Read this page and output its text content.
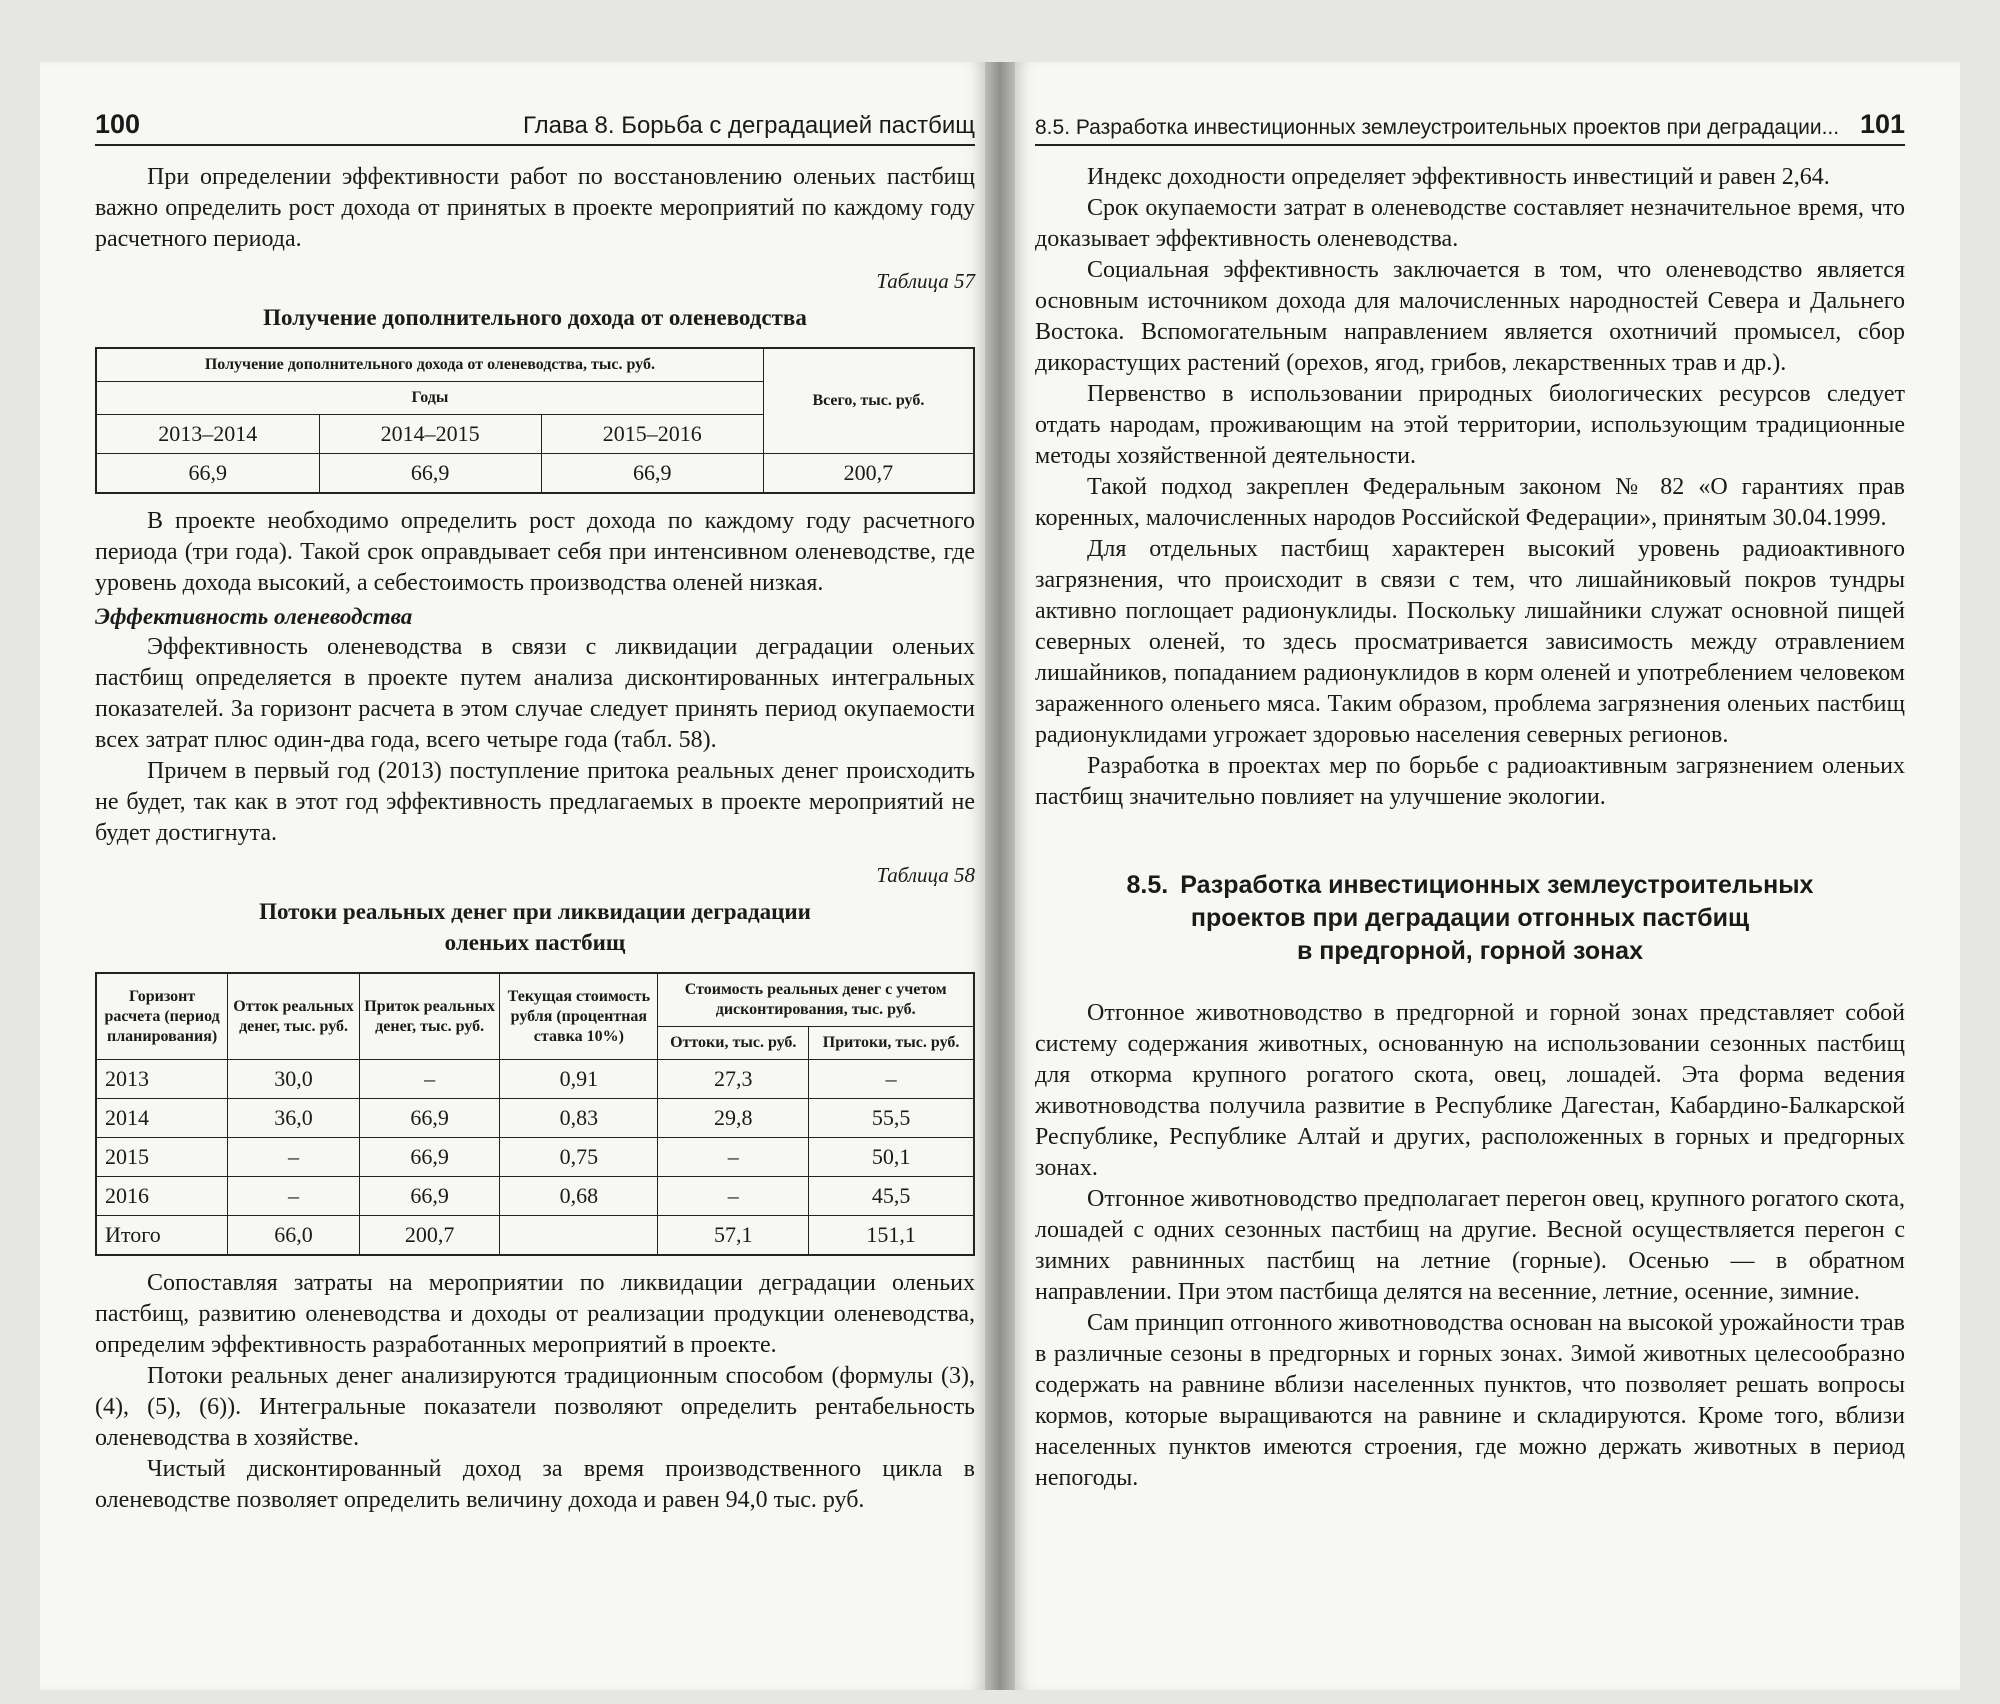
100	Глава 8. Борьба с деградацией пастбищ

При определении эффективности работ по восстановлению оленьих пастбищ важно определить рост дохода от принятых в проекте мероприятий по каждому году расчетного периода.

Таблица 57
Получение дополнительного дохода от оленеводства
Получение дополнительного дохода от оленеводства, тыс. руб.			Всего, тыс. руб.
Годы			
2013–2014	2014–2015	2015–2016	
66,9	66,9	66,9	200,7

В проекте необходимо определить рост дохода по каждому году расчетного периода (три года). Такой срок оправдывает себя при интенсивном оленеводстве, где уровень дохода высокий, а себестоимость производства оленей низкая.

Эффективность оленеводства

Эффективность оленеводства в связи с ликвидации деградации оленьих пастбищ определяется в проекте путем анализа дисконтированных интегральных показателей. За горизонт расчета в этом случае следует принять период окупаемости всех затрат плюс один-два года, всего четыре года (табл. 58).

Причем в первый год (2013) поступление притока реальных денег происходить не будет, так как в этот год эффективность предлагаемых в проекте мероприятий не будет достигнута.

Таблица 58
Потоки реальных денег при ликвидации деградации
оленьих пастбищ
Горизонт расчета (период планирования)	Отток реальных денег, тыс. руб.	Приток реальных денег, тыс. руб.	Текущая стоимость рубля (процентная ставка 10%)	Стоимость реальных денег с учетом дисконтирования, тыс. руб.	
				Оттоки, тыс. руб.	Притоки, тыс. руб.
2013	30,0	–	0,91	27,3	–
2014	36,0	66,9	0,83	29,8	55,5
2015	–	66,9	0,75	–	50,1
2016	–	66,9	0,68	–	45,5
Итого	66,0	200,7		57,1	151,1

Сопоставляя затраты на мероприятии по ликвидации деградации оленьих пастбищ, развитию оленеводства и доходы от реализации продукции оленеводства, определим эффективность разработанных мероприятий в проекте.

Потоки реальных денег анализируются традиционным способом (формулы (3), (4), (5), (6)). Интегральные показатели позволяют определить рентабельность оленеводства в хозяйстве.

Чистый дисконтированный доход за время производственного цикла в оленеводстве позволяет определить величину дохода и равен 94,0 тыс. руб.

8.5. Разработка инвестиционных землеустроительных проектов при деградации... 101

Индекс доходности определяет эффективность инвестиций и равен 2,64.

Срок окупаемости затрат в оленеводстве составляет незначительное время, что доказывает эффективность оленеводства.

Социальная эффективность заключается в том, что оленеводство является основным источником дохода для малочисленных народностей Севера и Дальнего Востока. Вспомогательным направлением является охотничий промысел, сбор дикорастущих растений (орехов, ягод, грибов, лекарственных трав и др.).

Первенство в использовании природных биологических ресурсов следует отдать народам, проживающим на этой территории, использующим традиционные методы хозяйственной деятельности.

Такой подход закреплен Федеральным законом № 82 «О гарантиях прав коренных, малочисленных народов Российской Федерации», принятым 30.04.1999.

Для отдельных пастбищ характерен высокий уровень радиоактивного загрязнения, что происходит в связи с тем, что лишайниковый покров тундры активно поглощает радионуклиды. Поскольку лишайники служат основной пищей северных оленей, то здесь просматривается зависимость между отравлением лишайников, попаданием радионуклидов в корм оленей и употреблением человеком зараженного оленьего мяса. Таким образом, проблема загрязнения оленьих пастбищ радионуклидами угрожает здоровью населения северных регионов.

Разработка в проектах мер по борьбе с радиоактивным загрязнением оленьих пастбищ значительно повлияет на улучшение экологии.

8.5. Разработка инвестиционных землеустроительных
проектов при деградации отгонных пастбищ
в предгорной, горной зонах

Отгонное животноводство в предгорной и горной зонах представляет собой систему содержания животных, основанную на использовании сезонных пастбищ для откорма крупного рогатого скота, овец, лошадей. Эта форма ведения животноводства получила развитие в Республике Дагестан, Кабардино-Балкарской Республике, Республике Алтай и других, расположенных в горных и предгорных зонах.

Отгонное животноводство предполагает перегон овец, крупного рогатого скота, лошадей с одних сезонных пастбищ на другие. Весной осуществляется перегон с зимних равнинных пастбищ на летние (горные). Осенью — в обратном направлении. При этом пастбища делятся на весенние, летние, осенние, зимние.

Сам принцип отгонного животноводства основан на высокой урожайности трав в различные сезоны в предгорных и горных зонах. Зимой животных целесообразно содержать на равнине вблизи населенных пунктов, что позволяет решать вопросы кормов, которые выращиваются на равнине и складируются. Кроме того, вблизи населенных пунктов имеются строения, где можно держать животных в период непогоды.
